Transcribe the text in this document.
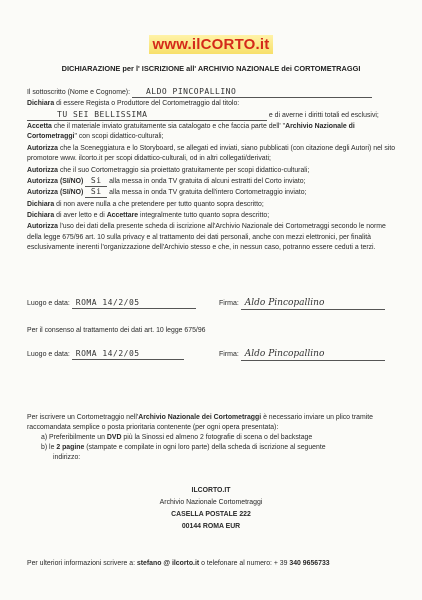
www.ilCORTO.it
DICHIARAZIONE per l' ISCRIZIONE all' ARCHIVIO NAZIONALE dei CORTOMETRAGGI

Il sottoscritto (Nome e Cognome): ALDO PINCOPALLINO

Dichiara di essere Regista o Produttore del Cortometraggio dal titolo:

TU SEI BELLISSIMA	e di averne i diritti totali ed esclusivi;

Accetta che il materiale inviato gratuitamente sia catalogato e che faccia parte dell' "Archivio Nazionale di Cortometraggi" con scopi didattico-culturali;

Autorizza che la Sceneggiatura e lo Storyboard, se allegati ed inviati, siano pubblicati (con citazione degli Autori) nel sito promotore www. ilcorto.it per scopi didattico-culturali, od in altri collegati/derivati;

Autorizza che il suo Cortometraggio sia proiettato gratuitamente per scopi didattico-culturali;

Autorizza (SI/NO) Si alla messa in onda TV gratuita di alcuni estratti del Corto inviato;

Autorizza (SI/NO) Si alla messa in onda TV gratuita dell'intero Cortometraggio inviato;

Dichiara di non avere nulla a che pretendere per tutto quanto sopra descritto;

Dichiara di aver letto e di Accettare integralmente tutto quanto sopra descritto;

Autorizza l'uso dei dati della presente scheda di iscrizione all'Archivio Nazionale dei Cortometraggi secondo le norme della legge 675/96 art. 10 sulla privacy e al trattamento dei dati personali, anche con mezzi elettronici, per finalità esclusivamente inerenti l'organizzazione dell'Archivio stesso e che, in nessun caso, potranno essere ceduti a terzi.

Luogo e data: ROMA 14/2/05	Firma: Aldo Pincopallino
Per il consenso al trattamento dei dati art. 10 legge 675/96
Luogo e data: ROMA 14/2/05	Firma: Aldo Pincopallino

Per iscrivere un Cortometraggio nell'Archivio Nazionale dei Cortometraggi è necessario inviare un plico tramite raccomandata semplice o posta prioritaria contenente (per ogni opera presentata):

a) Preferibilmente un DVD più la Sinossi ed almeno 2 fotografie di scena o del backstage

b) le 2 pagine (stampate e compilate in ogni loro parte) della scheda di iscrizione al seguente

indirizzo:

ILCORTO.IT
Archivio Nazionale Cortometraggi
CASELLA POSTALE 222
00144 ROMA EUR
Per ulteriori informazioni scrivere a: stefano @ ilcorto.it o telefonare al numero: + 39 340 9656733
